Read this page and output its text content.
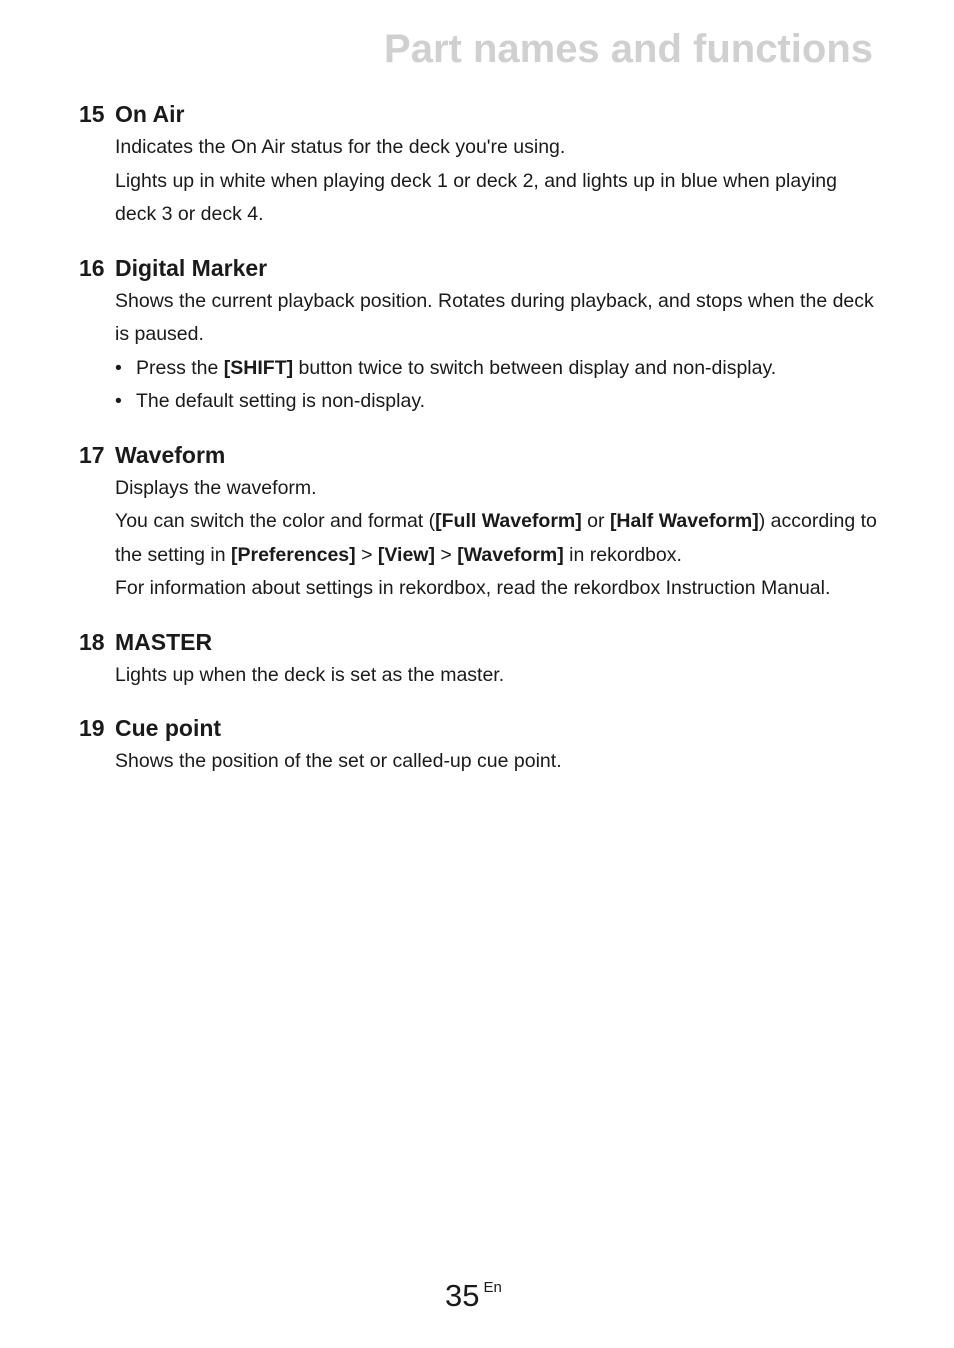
Part names and functions
15 On Air

Indicates the On Air status for the deck you're using.

Lights up in white when playing deck 1 or deck 2, and lights up in blue when playing deck 3 or deck 4.

16 Digital Marker

Shows the current playback position. Rotates during playback, and stops when the deck is paused.

• Press the [SHIFT] button twice to switch between display and non-display.
• The default setting is non-display.
17 Waveform

Displays the waveform.

You can switch the color and format ([Full Waveform] or [Half Waveform]) according to the setting in [Preferences] > [View] > [Waveform] in rekordbox.

For information about settings in rekordbox, read the rekordbox Instruction Manual.

18 MASTER

Lights up when the deck is set as the master.

19 Cue point

Shows the position of the set or called-up cue point.

35 En
